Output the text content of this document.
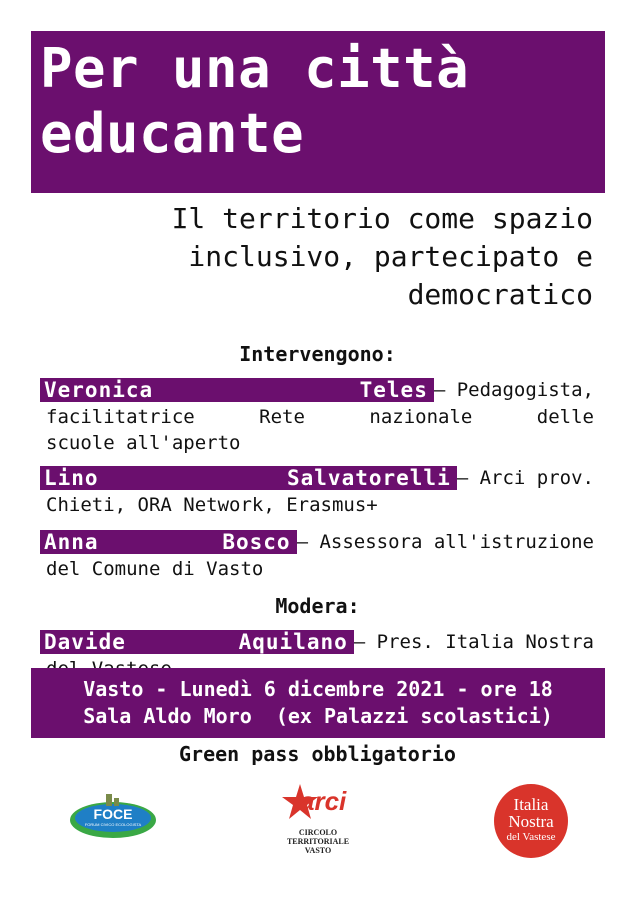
Per una città
educante
Il territorio come spazio
inclusivo, partecipato e
democratico
Intervengono:
Veronica Teles – Pedagogista,
facilitatrice Rete nazionale delle
scuole all'aperto
Lino Salvatorelli – Arci prov.
Chieti, ORA Network, Erasmus+
Anna Bosco – Assessora all'istruzione
del Comune di Vasto
Modera:
Davide Aquilano – Pres. Italia Nostra
Vasto - Lunedì 6 dicembre 2021 - ore 18
Sala Aldo Moro  (ex Palazzi scolastici)
Green pass obbligatorio
FOCE
FORUM CIVICO ECOLOGISTA
arci
CIRCOLO
TERRITORIALE
VASTO
Italia
Nostra
del Vastese
